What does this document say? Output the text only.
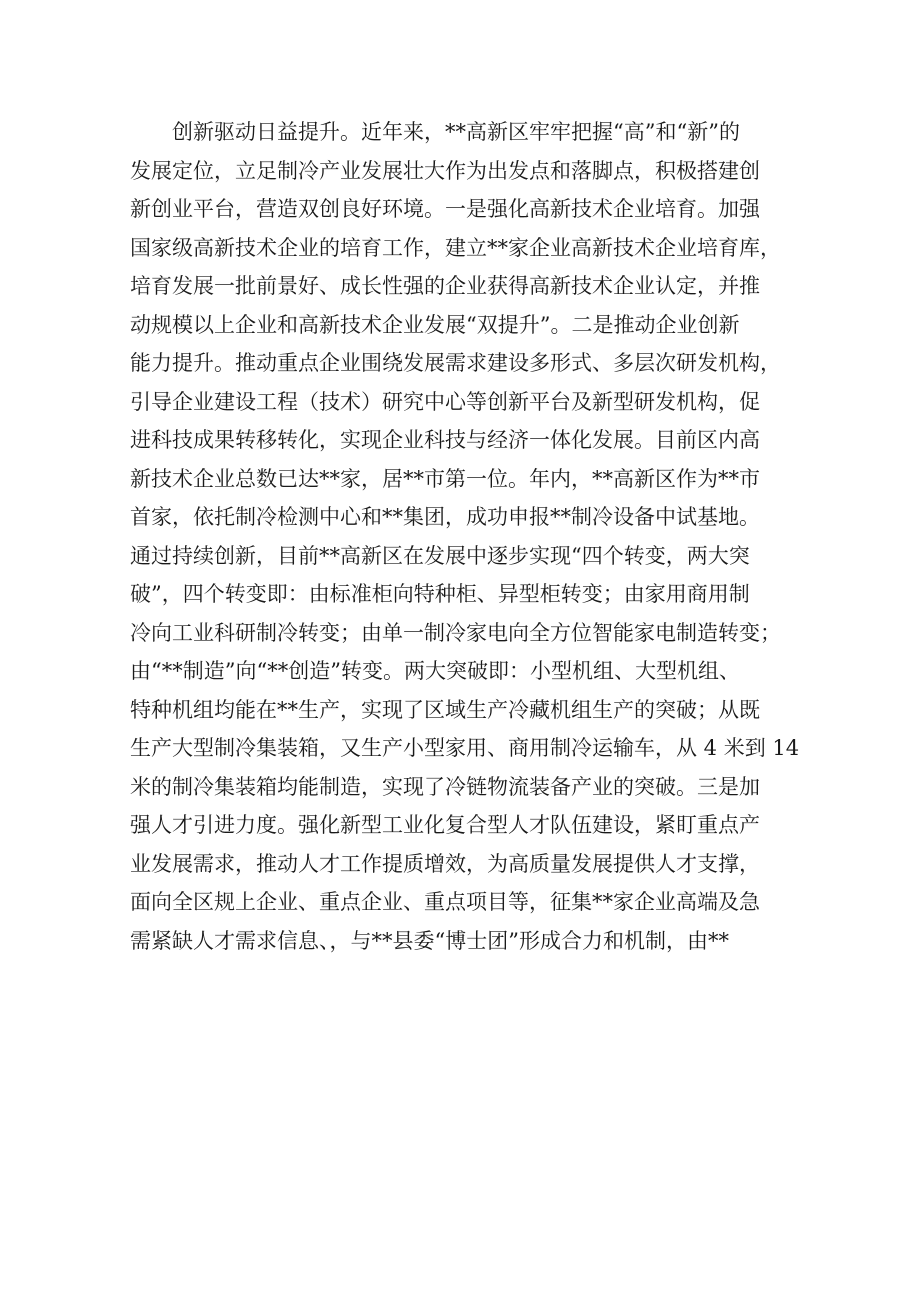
创新驱动日益提升。近年来，**高新区牢牢把握“高”和“新”的
发展定位，立足制冷产业发展壮大作为出发点和落脚点，积极搭建创
新创业平台，营造双创良好环境。一是强化高新技术企业培育。加强
国家级高新技术企业的培育工作，建立**家企业高新技术企业培育库，
培育发展一批前景好、成长性强的企业获得高新技术企业认定，并推
动规模以上企业和高新技术企业发展“双提升”。二是推动企业创新
能力提升。推动重点企业围绕发展需求建设多形式、多层次研发机构，
引导企业建设工程（技术）研究中心等创新平台及新型研发机构，促
进科技成果转移转化，实现企业科技与经济一体化发展。目前区内高
新技术企业总数已达**家，居**市第一位。年内，**高新区作为**市
首家，依托制冷检测中心和**集团，成功申报**制冷设备中试基地。
通过持续创新，目前**高新区在发展中逐步实现“四个转变，两大突
破”，四个转变即：由标准柜向特种柜、异型柜转变；由家用商用制
冷向工业科研制冷转变；由单一制冷家电向全方位智能家电制造转变；
由“**制造”向“**创造”转变。两大突破即：小型机组、大型机组、
特种机组均能在**生产，实现了区域生产冷藏机组生产的突破；从既
生产大型制冷集装箱，又生产小型家用、商用制冷运输车，从 4 米到 14
米的制冷集装箱均能制造，实现了冷链物流装备产业的突破。三是加
强人才引进力度。强化新型工业化复合型人才队伍建设，紧盯重点产
业发展需求，推动人才工作提质增效，为高质量发展提供人才支撑，
面向全区规上企业、重点企业、重点项目等，征集**家企业高端及急
需紧缺人才需求信息、，与**县委“博士团”形成合力和机制，由**
